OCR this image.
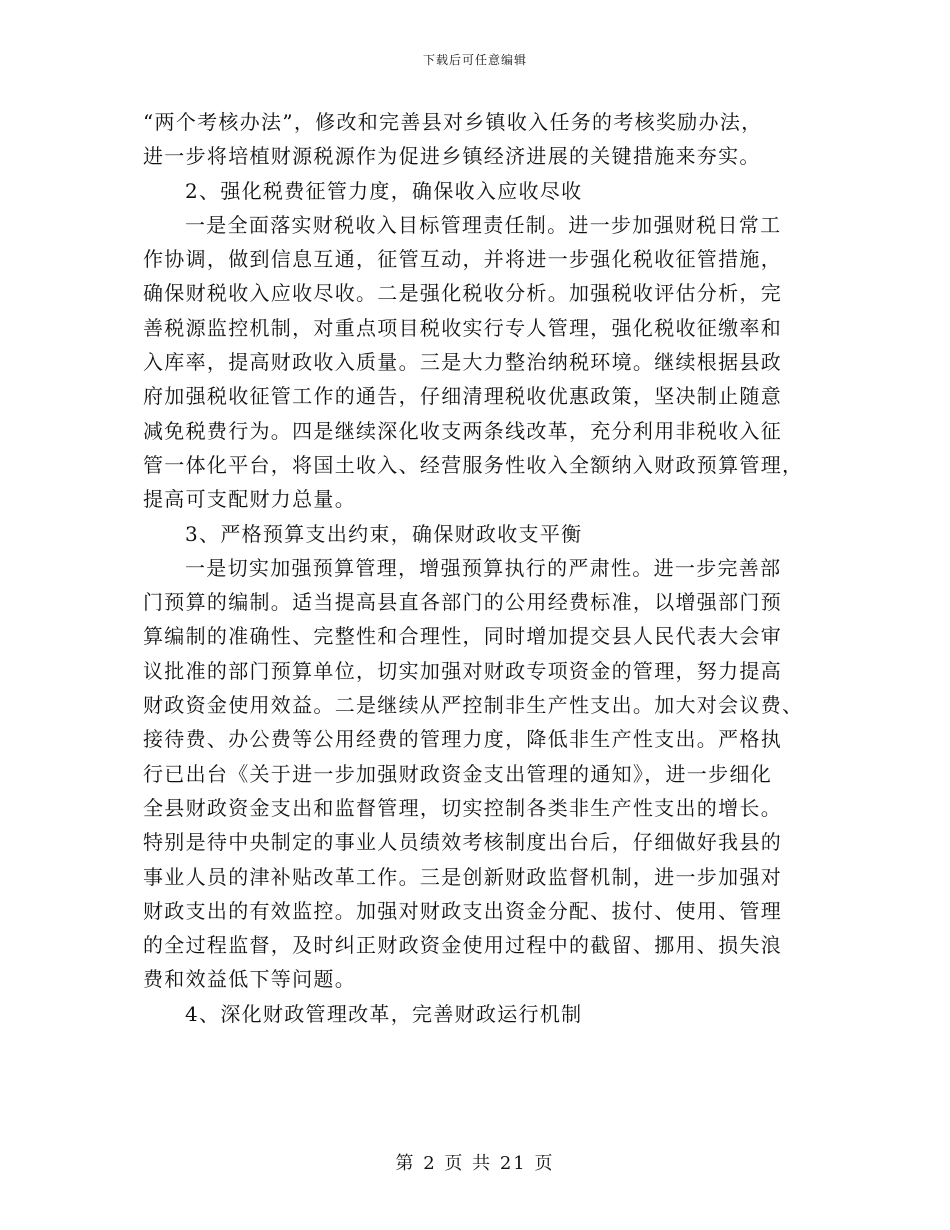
下载后可任意编辑
“两个考核办法”，修改和完善县对乡镇收入任务的考核奖励办法，
进一步将培植财源税源作为促进乡镇经济进展的关键措施来夯实。
2、强化税费征管力度，确保收入应收尽收
一是全面落实财税收入目标管理责任制。进一步加强财税日常工
作协调，做到信息互通，征管互动，并将进一步强化税收征管措施，
确保财税收入应收尽收。二是强化税收分析。加强税收评估分析，完
善税源监控机制，对重点项目税收实行专人管理，强化税收征缴率和
入库率，提高财政收入质量。三是大力整治纳税环境。继续根据县政
府加强税收征管工作的通告，仔细清理税收优惠政策，坚决制止随意
减免税费行为。四是继续深化收支两条线改革，充分利用非税收入征
管一体化平台，将国土收入、经营服务性收入全额纳入财政预算管理，
提高可支配财力总量。
3、严格预算支出约束，确保财政收支平衡
一是切实加强预算管理，增强预算执行的严肃性。进一步完善部
门预算的编制。适当提高县直各部门的公用经费标准，以增强部门预
算编制的准确性、完整性和合理性，同时增加提交县人民代表大会审
议批准的部门预算单位，切实加强对财政专项资金的管理，努力提高
财政资金使用效益。二是继续从严控制非生产性支出。加大对会议费、
接待费、办公费等公用经费的管理力度，降低非生产性支出。严格执
行已出台《关于进一步加强财政资金支出管理的通知》，进一步细化
全县财政资金支出和监督管理，切实控制各类非生产性支出的增长。
特别是待中央制定的事业人员绩效考核制度出台后，仔细做好我县的
事业人员的津补贴改革工作。三是创新财政监督机制，进一步加强对
财政支出的有效监控。加强对财政支出资金分配、拔付、使用、管理
的全过程监督，及时纠正财政资金使用过程中的截留、挪用、损失浪
费和效益低下等问题。
4、深化财政管理改革，完善财政运行机制
第 2 页 共 21 页
